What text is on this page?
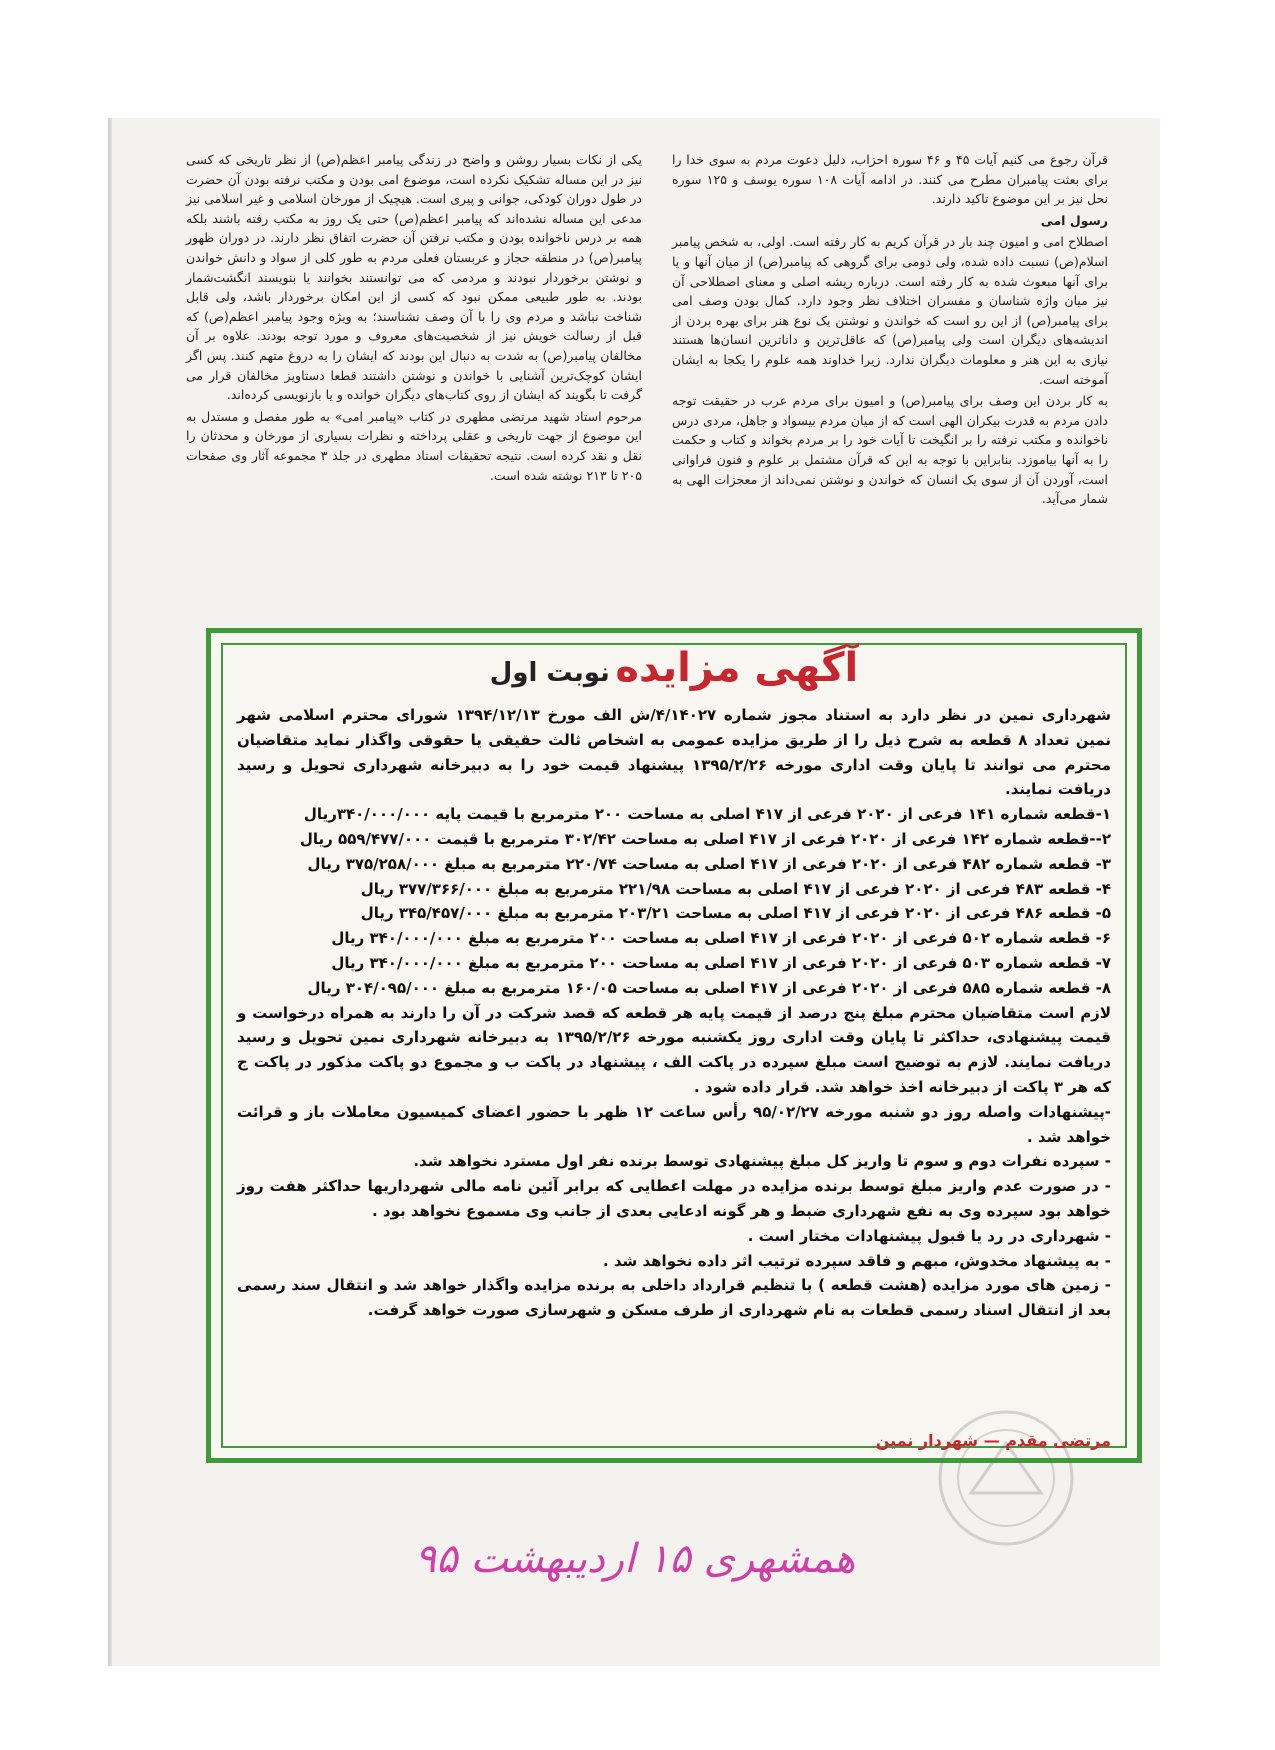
قرآن رجوع می کنیم آیات ۴۵ و ۴۶ سوره احزاب، دلیل دعوت مردم به سوی خدا را برای بعثت پیامبران مطرح می کنند. در ادامه آیات ۱۰۸ سوره یوسف و ۱۲۵ سوره نحل نیز بر این موضوع تاکید دارند.

رسول امی

اصطلاح امی و امیون چند بار در قرآن کریم به کار رفته است. اولی، به شخص پیامبر اسلام(ص) نسبت داده شده، ولی دومی برای گروهی که پیامبر(ص) از میان آنها و یا برای آنها مبعوث شده به کار رفته است. درباره ریشه اصلی و معنای اصطلاحی آن نیز میان واژه شناسان و مفسران اختلاف نظر وجود دارد. کمال بودن وصف امی برای پیامبر(ص) از این رو است که خواندن و نوشتن یک نوع هنر برای بهره بردن از اندیشه‌های دیگران است ولی پیامبر(ص) که عاقل‌ترین و داناترین انسان‌ها هستند نیازی به این هنر و معلومات دیگران ندارد. زیرا خداوند همه علوم را یکجا به ایشان آموخته است.

به کار بردن این وصف برای پیامبر(ص) و امیون برای مردم عرب در حقیقت توجه دادن مردم به قدرت بیکران الهی است که از میان مردم بیسواد و جاهل، مردی درس ناخوانده و مکتب نرفته را بر انگیخت تا آیات خود را بر مردم بخواند و کتاب و حکمت را به آنها بیاموزد. بنابراین با توجه به این که قرآن مشتمل بر علوم و فنون فراوانی است، آوردن آن از سوی یک انسان که خواندن و نوشتن نمی‌داند از معجزات الهی به شمار می‌آید.

یکی از نکات بسیار روشن و واضح در زندگی پیامبر اعظم(ص) از نظر تاریخی که کسی نیز در این مساله تشکیک نکرده است، موضوع امی بودن و مکتب نرفته بودن آن حضرت در طول دوران کودکی، جوانی و پیری است. هیچیک از مورخان اسلامی و غیر اسلامی نیز مدعی این مساله نشده‌اند که پیامبر اعظم(ص) حتی یک روز به مکتب رفته باشند بلکه همه بر درس ناخوانده بودن و مکتب نرفتن آن حضرت اتفاق نظر دارند. در دوران ظهور پیامبر(ص) در منطقه حجاز و عربستان فعلی مردم به طور کلی از سواد و دانش خواندن و نوشتن برخوردار نبودند و مردمی که می توانستند بخوانند یا بنویسند انگشت‌شمار بودند. به طور طبیعی ممکن نبود که کسی از این امکان برخوردار باشد، ولی قابل شناخت نباشد و مردم وی را با آن وصف نشناسند؛ به ویژه وجود پیامبر اعظم(ص) که قبل از رسالت خویش نیز از شخصیت‌های معروف و مورد توجه بودند. علاوه بر آن مخالفان پیامبر(ص) به شدت به دنبال این بودند که ایشان را به دروغ متهم کنند. پس اگر ایشان کوچک‌ترین آشنایی با خواندن و نوشتن داشتند قطعا دستاویز مخالفان قرار می گرفت تا بگویند که ایشان از روی کتاب‌های دیگران خوانده و یا بازنویسی کرده‌اند.

مرحوم استاد شهید مرتضی مطهری در کتاب «پیامبر امی» به طور مفصل و مستدل به این موضوع از جهت تاریخی و عقلی پرداخته و نظرات بسیاری از مورخان و محدثان را نقل و نقد کرده است. نتیجه تحقیقات استاد مطهری در جلد ۳ مجموعه آثار وی صفحات ۲۰۵ تا ۲۱۳ نوشته شده است.

آگهی مزایده نوبت اول

شهرداری نمین در نظر دارد به استناد مجوز شماره ۴/۱۴۰۲۷/ش الف مورخ ۱۳۹۴/۱۲/۱۳ شورای محترم اسلامی شهر نمین تعداد ۸ قطعه به شرح ذیل را از طریق مزایده عمومی به اشخاص ثالث حقیقی یا حقوقی واگذار نماید متقاضیان محترم می توانند تا پایان وقت اداری مورخه ۱۳۹۵/۲/۲۶ پیشنهاد قیمت خود را به دبیرخانه شهرداری تحویل و رسید دریافت نمایند.

۱-قطعه شماره ۱۴۱ فرعی از ۲۰۲۰ فرعی از ۴۱۷ اصلی به مساحت ۲۰۰ مترمربع با قیمت پایه ۳۴۰/۰۰۰/۰۰۰ریال

۲--قطعه شماره ۱۴۲ فرعی از ۲۰۲۰ فرعی از ۴۱۷ اصلی به مساحت ۳۰۲/۴۲ مترمربع با قیمت ۵۵۹/۴۷۷/۰۰۰ ریال

۳- قطعه شماره ۴۸۲ فرعی از ۲۰۲۰ فرعی از ۴۱۷ اصلی به مساحت ۲۲۰/۷۴ مترمربع به مبلغ ۳۷۵/۲۵۸/۰۰۰ ریال

۴- قطعه ۴۸۳ فرعی از ۲۰۲۰ فرعی از ۴۱۷ اصلی به مساحت ۲۲۱/۹۸ مترمربع به مبلغ ۳۷۷/۳۶۶/۰۰۰ ریال

۵- قطعه ۴۸۶ فرعی از ۲۰۲۰ فرعی از ۴۱۷ اصلی به مساحت ۲۰۳/۲۱ مترمربع به مبلغ ۳۴۵/۴۵۷/۰۰۰ ریال

۶- قطعه شماره ۵۰۲ فرعی از ۲۰۲۰ فرعی از ۴۱۷ اصلی به مساحت ۲۰۰ مترمربع به مبلغ ۳۴۰/۰۰۰/۰۰۰ ریال

۷- قطعه شماره ۵۰۳ فرعی از ۲۰۲۰ فرعی از ۴۱۷ اصلی به مساحت ۲۰۰ مترمربع به مبلغ ۳۴۰/۰۰۰/۰۰۰ ریال

۸- قطعه شماره ۵۸۵ فرعی از ۲۰۲۰ فرعی از ۴۱۷ اصلی به مساحت ۱۶۰/۰۵ مترمربع به مبلغ ۳۰۴/۰۹۵/۰۰۰ ریال

لازم است متقاضیان محترم مبلغ پنج درصد از قیمت پایه هر قطعه که قصد شرکت در آن را دارند به همراه درخواست و قیمت پیشنهادی، حداکثر تا پایان وقت اداری روز یکشنبه مورخه ۱۳۹۵/۲/۲۶ به دبیرخانه شهرداری نمین تحویل و رسید دریافت نمایند. لازم به توضیح است مبلغ سپرده در پاکت الف ، پیشنهاد در پاکت ب و مجموع دو پاکت مذکور در پاکت ج که هر ۳ پاکت از دبیرخانه اخذ خواهد شد. قرار داده شود .

-پیشنهادات واصله روز دو شنبه مورخه ۹۵/۰۲/۲۷ رأس ساعت ۱۲ ظهر با حضور اعضای کمیسیون معاملات باز و قرائت خواهد شد .

- سپرده نفرات دوم و سوم تا واریز کل مبلغ پیشنهادی توسط برنده نفر اول مسترد نخواهد شد.

- در صورت عدم واریز مبلغ توسط برنده مزایده در مهلت اعطایی که برابر آئین نامه مالی شهرداریها حداکثر هفت روز خواهد بود سپرده وی به نفع شهرداری ضبط و هر گونه ادعایی بعدی از جانب وی مسموع نخواهد بود .

- شهرداری در رد یا قبول پیشنهادات مختار است .

- به پیشنهاد مخدوش، مبهم و فاقد سپرده ترتیب اثر داده نخواهد شد .

- زمین های مورد مزایده (هشت قطعه ) با تنظیم قرارداد داخلی به برنده مزایده واگذار خواهد شد و انتقال سند رسمی بعد از انتقال اسناد رسمی قطعات به نام شهرداری از طرف مسکن و شهرسازی صورت خواهد گرفت.

مرتضی مقدم — شهردار نمین
همشهری ۱۵ اردیبهشت ۹۵
